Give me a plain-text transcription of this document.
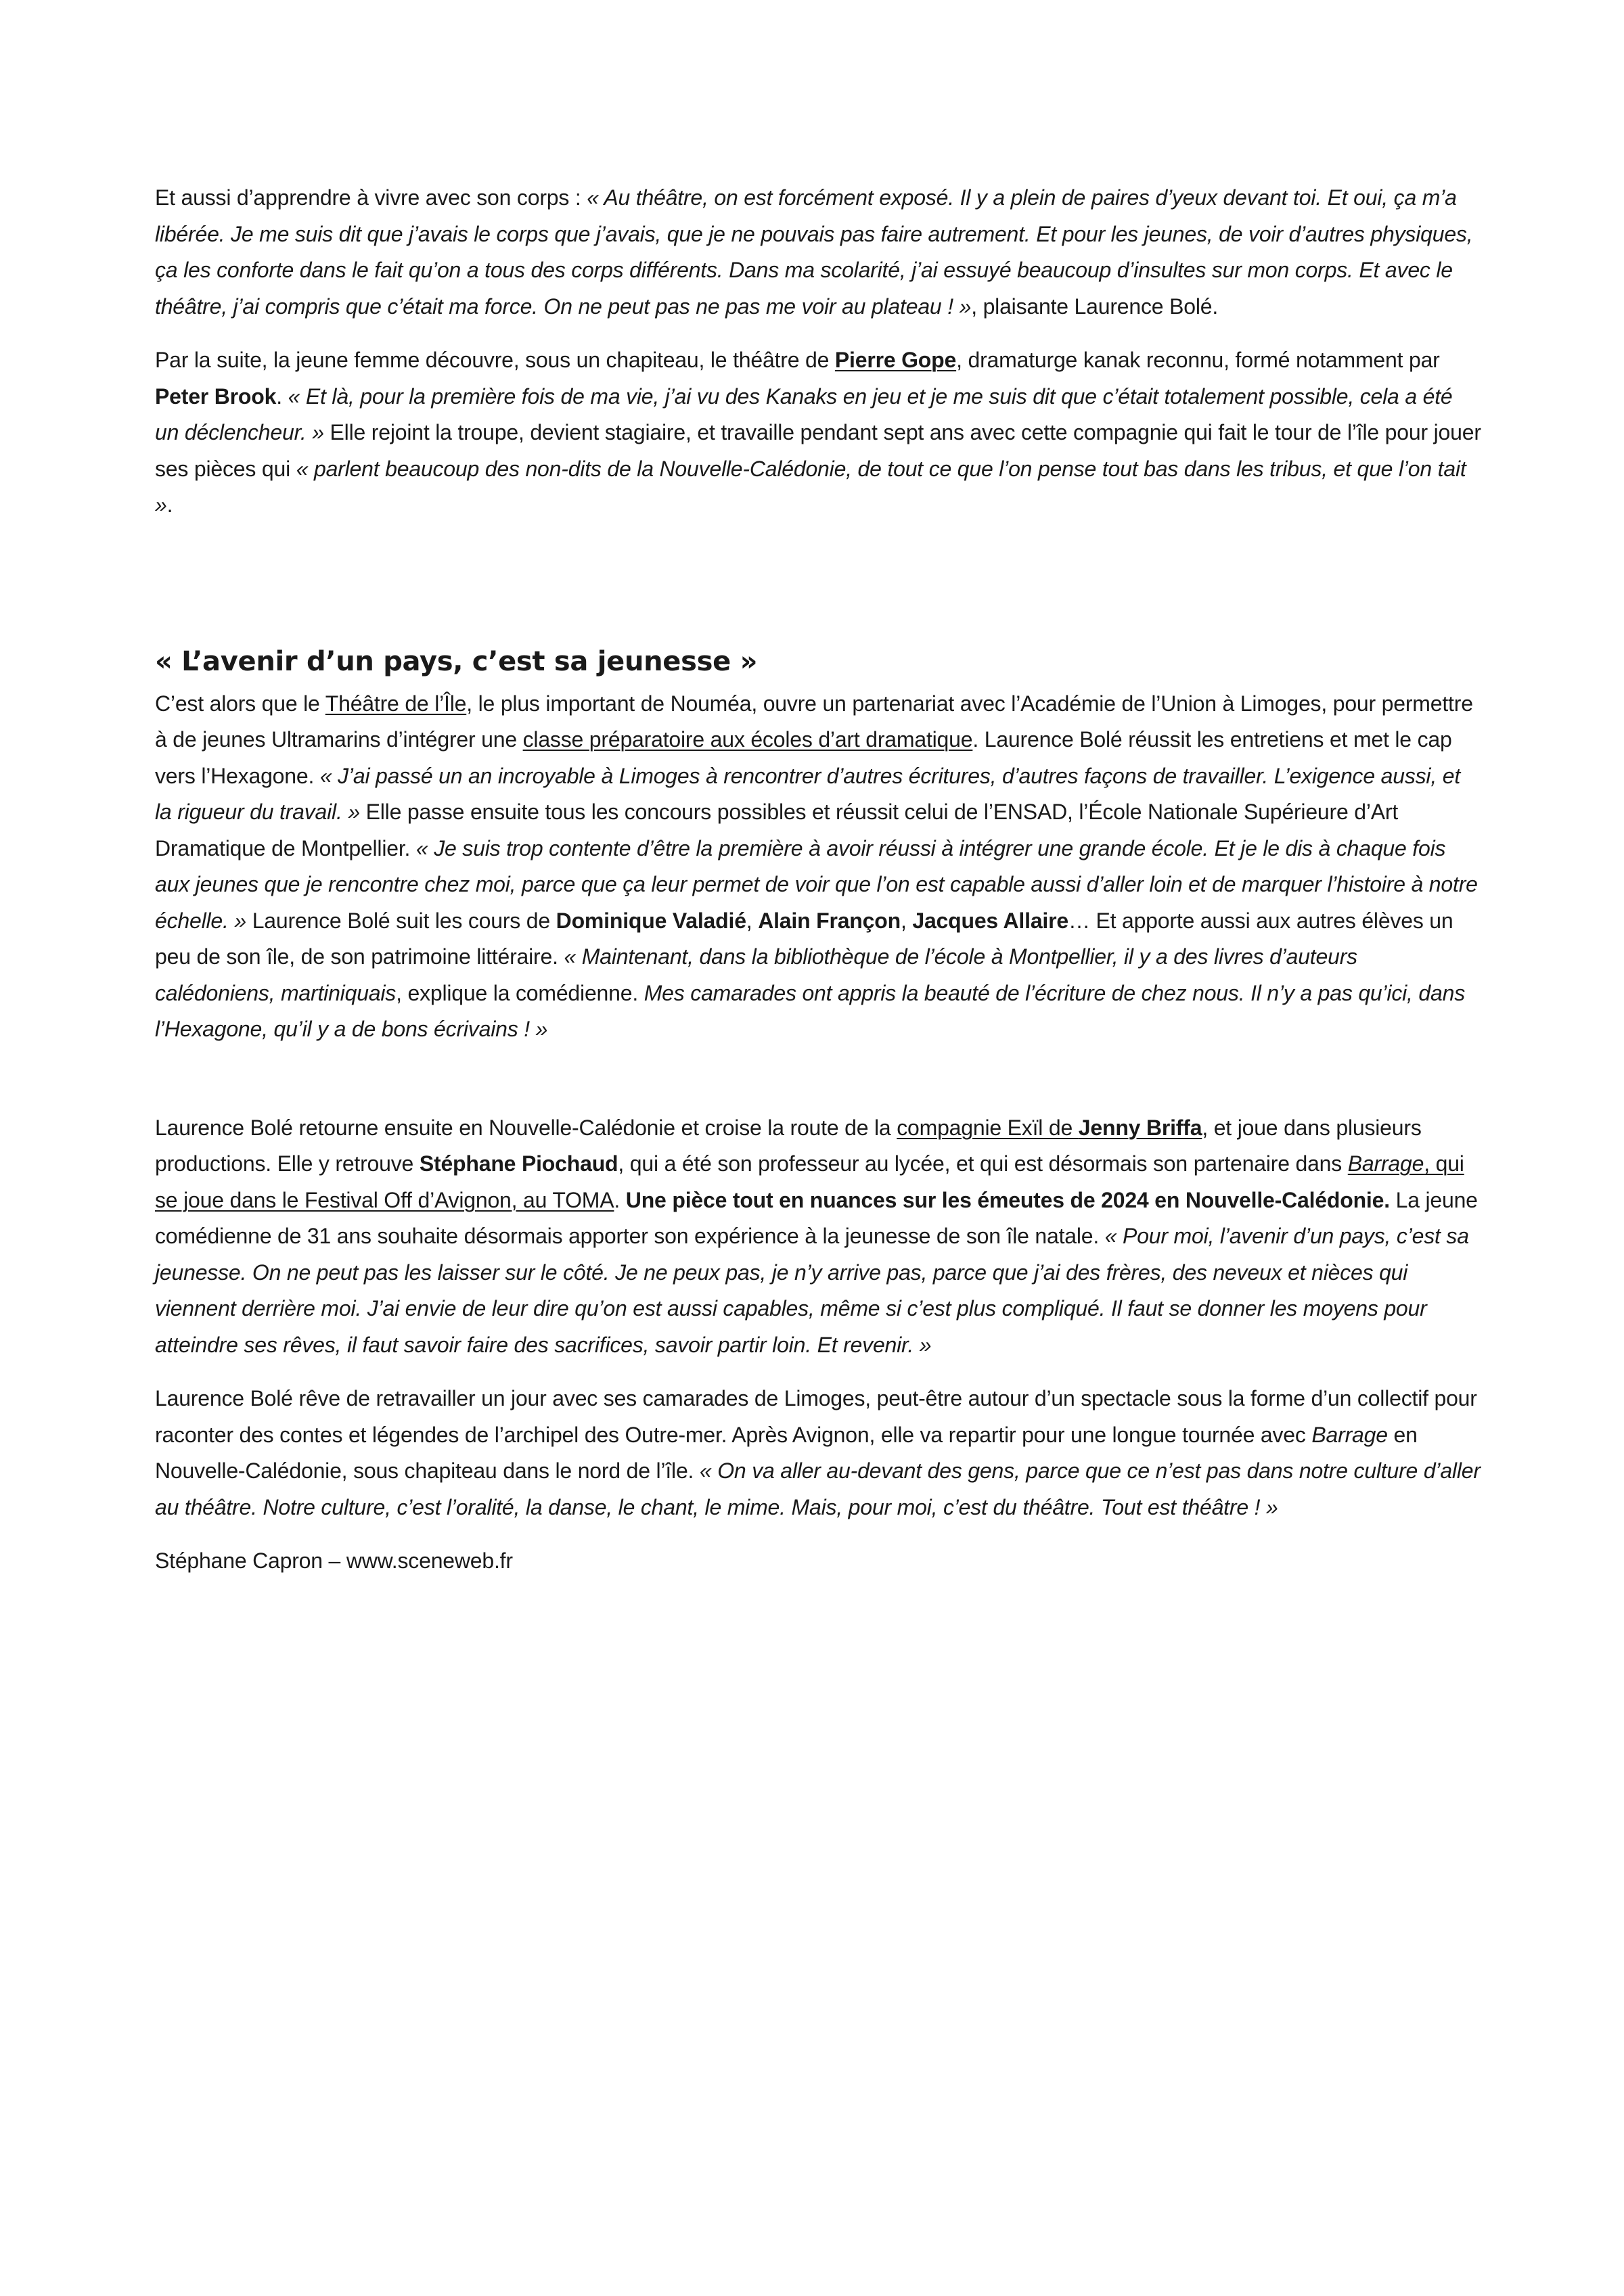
Et aussi d’apprendre à vivre avec son corps : « Au théâtre, on est forcément exposé. Il y a plein de paires d’yeux devant toi. Et oui, ça m’a libérée. Je me suis dit que j’avais le corps que j’avais, que je ne pouvais pas faire autrement. Et pour les jeunes, de voir d’autres physiques, ça les conforte dans le fait qu’on a tous des corps différents. Dans ma scolarité, j’ai essuyé beaucoup d’insultes sur mon corps. Et avec le théâtre, j’ai compris que c’était ma force. On ne peut pas ne pas me voir au plateau ! », plaisante Laurence Bolé.

Par la suite, la jeune femme découvre, sous un chapiteau, le théâtre de Pierre Gope, dramaturge kanak reconnu, formé notamment par Peter Brook. « Et là, pour la première fois de ma vie, j’ai vu des Kanaks en jeu et je me suis dit que c’était totalement possible, cela a été un déclencheur. » Elle rejoint la troupe, devient stagiaire, et travaille pendant sept ans avec cette compagnie qui fait le tour de l’île pour jouer ses pièces qui « parlent beaucoup des non-dits de la Nouvelle-Calédonie, de tout ce que l’on pense tout bas dans les tribus, et que l’on tait ».

« L’avenir d’un pays, c’est sa jeunesse »

C’est alors que le Théâtre de l’Île, le plus important de Nouméa, ouvre un partenariat avec l’Académie de l’Union à Limoges, pour permettre à de jeunes Ultramarins d’intégrer une classe préparatoire aux écoles d’art dramatique. Laurence Bolé réussit les entretiens et met le cap vers l’Hexagone. « J’ai passé un an incroyable à Limoges à rencontrer d’autres écritures, d’autres façons de travailler. L’exigence aussi, et la rigueur du travail. » Elle passe ensuite tous les concours possibles et réussit celui de l’ENSAD, l’École Nationale Supérieure d’Art Dramatique de Montpellier. « Je suis trop contente d’être la première à avoir réussi à intégrer une grande école. Et je le dis à chaque fois aux jeunes que je rencontre chez moi, parce que ça leur permet de voir que l’on est capable aussi d’aller loin et de marquer l’histoire à notre échelle. » Laurence Bolé suit les cours de Dominique Valadié, Alain Françon, Jacques Allaire… Et apporte aussi aux autres élèves un peu de son île, de son patrimoine littéraire. « Maintenant, dans la bibliothèque de l’école à Montpellier, il y a des livres d’auteurs calédoniens, martiniquais, explique la comédienne. Mes camarades ont appris la beauté de l’écriture de chez nous. Il n’y a pas qu’ici, dans l’Hexagone, qu’il y a de bons écrivains ! »

Laurence Bolé retourne ensuite en Nouvelle-Calédonie et croise la route de la compagnie Exïl de Jenny Briffa, et joue dans plusieurs productions. Elle y retrouve Stéphane Piochaud, qui a été son professeur au lycée, et qui est désormais son partenaire dans Barrage, qui se joue dans le Festival Off d’Avignon, au TOMA. Une pièce tout en nuances sur les émeutes de 2024 en Nouvelle-Calédonie. La jeune comédienne de 31 ans souhaite désormais apporter son expérience à la jeunesse de son île natale. « Pour moi, l’avenir d’un pays, c’est sa jeunesse. On ne peut pas les laisser sur le côté. Je ne peux pas, je n’y arrive pas, parce que j’ai des frères, des neveux et nièces qui viennent derrière moi. J’ai envie de leur dire qu’on est aussi capables, même si c’est plus compliqué. Il faut se donner les moyens pour atteindre ses rêves, il faut savoir faire des sacrifices, savoir partir loin. Et revenir. »

Laurence Bolé rêve de retravailler un jour avec ses camarades de Limoges, peut-être autour d’un spectacle sous la forme d’un collectif pour raconter des contes et légendes de l’archipel des Outre-mer. Après Avignon, elle va repartir pour une longue tournée avec Barrage en Nouvelle-Calédonie, sous chapiteau dans le nord de l’île. « On va aller au-devant des gens, parce que ce n’est pas dans notre culture d’aller au théâtre. Notre culture, c’est l’oralité, la danse, le chant, le mime. Mais, pour moi, c’est du théâtre. Tout est théâtre ! »

Stéphane Capron – www.sceneweb.fr
